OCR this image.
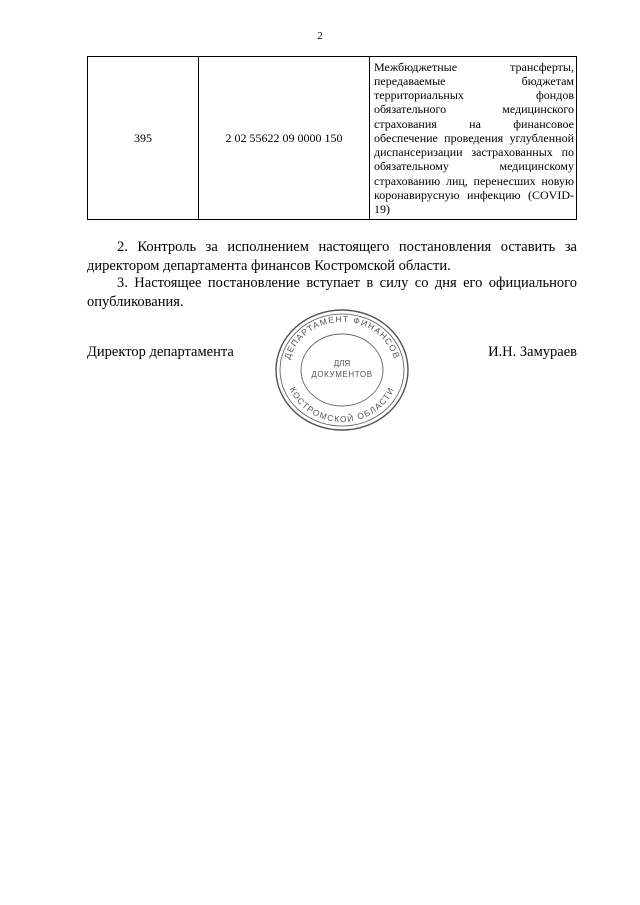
2
395	2 02 55622 09 0000 150	Межбюджетные трансферты, передаваемые бюджетам территориальных фондов обязательного медицинского страхования на финансовое обеспечение проведения углубленной диспансеризации застрахованных по обязательному медицинскому страхованию лиц, перенесших новую коронавирусную инфекцию (COVID-19)
2. Контроль за исполнением настоящего постановления оставить за директором департамента финансов Костромской области.
3. Настоящее постановление вступает в силу со дня его официального опубликования.
Директор департамента	И.Н. Замураев
ДЕПАРТАМЕНТ ФИНАНСОВ
КОСТРОМСКОЙ ОБЛАСТИ
ДЛЯ
ДОКУМЕНТОВ
